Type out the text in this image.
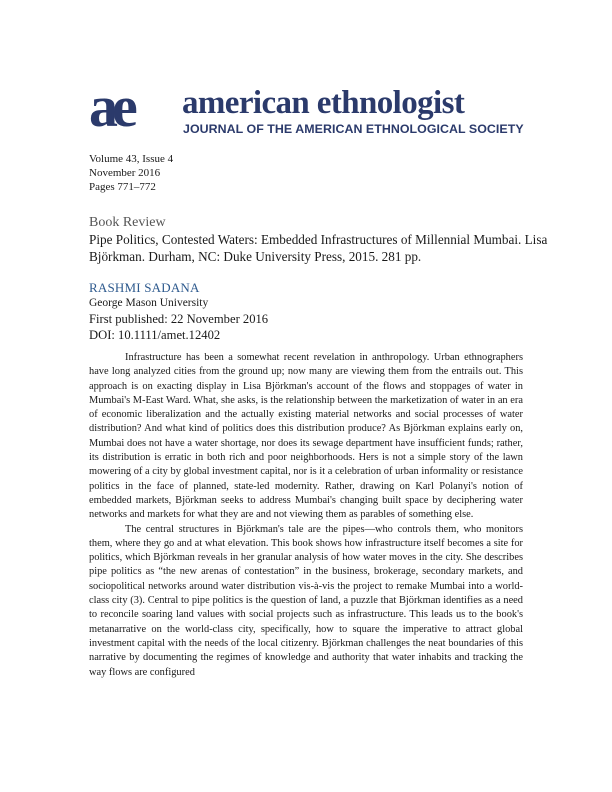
ae american ethnologist
JOURNAL OF THE AMERICAN ETHNOLOGICAL SOCIETY
Volume 43, Issue 4
November 2016
Pages 771–772
Book Review
Pipe Politics, Contested Waters: Embedded Infrastructures of Millennial Mumbai. Lisa Björkman. Durham, NC: Duke University Press, 2015. 281 pp.
RASHMI SADANA
George Mason University
First published: 22 November 2016
DOI: 10.1111/amet.12402

Infrastructure has been a somewhat recent revelation in anthropology. Urban ethnographers have long analyzed cities from the ground up; now many are viewing them from the entrails out. This approach is on exacting display in Lisa Björkman's account of the flows and stoppages of water in Mumbai's M-East Ward. What, she asks, is the relationship between the marketization of water in an era of economic liberalization and the actually existing material networks and social processes of water distribution? And what kind of politics does this distribution produce? As Björkman explains early on, Mumbai does not have a water shortage, nor does its sewage department have insufficient funds; rather, its distribution is erratic in both rich and poor neighborhoods. Hers is not a simple story of the lawn mowering of a city by global investment capital, nor is it a celebration of urban informality or resistance politics in the face of planned, state-led modernity. Rather, drawing on Karl Polanyi's notion of embedded markets, Björkman seeks to address Mumbai's changing built space by deciphering water networks and markets for what they are and not viewing them as parables of something else.

The central structures in Björkman's tale are the pipes—who controls them, who monitors them, where they go and at what elevation. This book shows how infrastructure itself becomes a site for politics, which Björkman reveals in her granular analysis of how water moves in the city. She describes pipe politics as “the new arenas of contestation” in the business, brokerage, secondary markets, and sociopolitical networks around water distribution vis-à-vis the project to remake Mumbai into a world-class city (3). Central to pipe politics is the question of land, a puzzle that Björkman identifies as a need to reconcile soaring land values with social projects such as infrastructure. This leads us to the book's metanarrative on the world-class city, specifically, how to square the imperative to attract global investment capital with the needs of the local citizenry. Björkman challenges the neat boundaries of this narrative by documenting the regimes of knowledge and authority that water inhabits and tracking the way flows are configured
